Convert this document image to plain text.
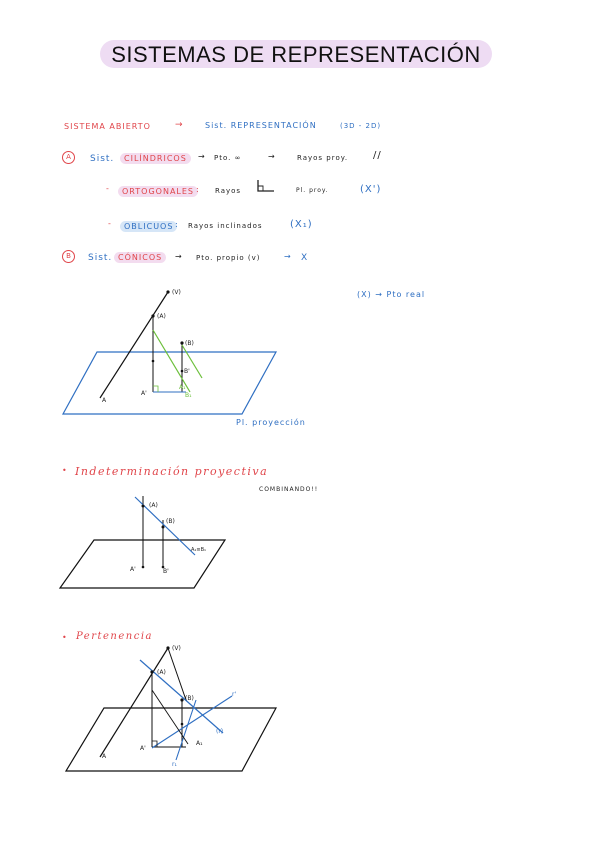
SISTEMAS DE REPRESENTACIÓN
SISTEMA ABIERTO	→	Sist. REPRESENTACIÓN	(3D - 2D)
A	Sist.	CILÍNDRICOS	→ Pto. ∞	→	Rayos proy. //
-	ORTOGONALES : Rayos	Pl. proy.	(X')
-	OBLICUOS : Rayos inclinados	(X₁)
B	Sist. CÓNICOS	→ Pto. propio (v)	→ X
(X) → Pto real
Pl. proyección
• Indeterminación proyectiva
COMBINANDO!!
• Pertenencia
(V)
(A)
(B)
A
A'
B'
A₁
B₁
(A)
(B)
A'	B'
A₁≡B₁
(V)
(A)
(B)
A
A'
A₁
(r)
r'
r₁
